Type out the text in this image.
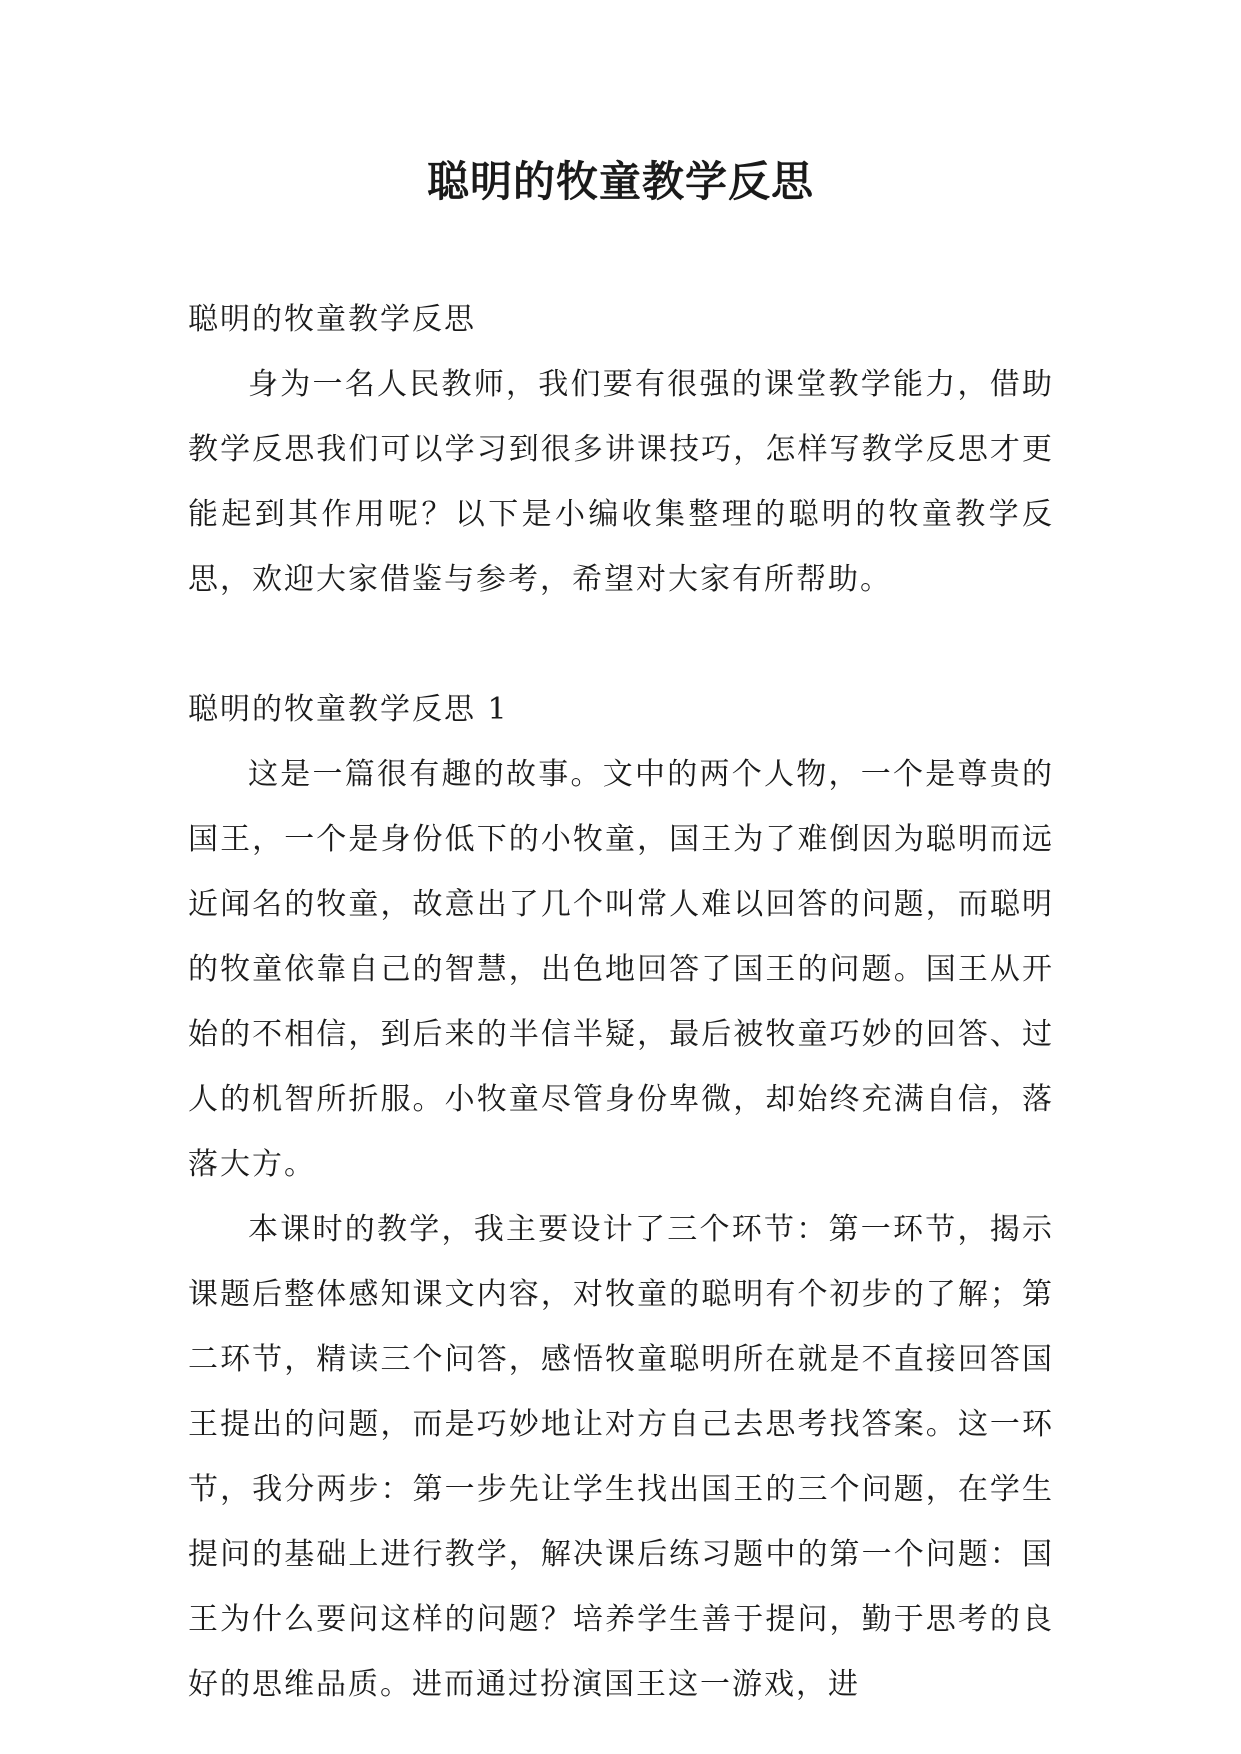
聪明的牧童教学反思

聪明的牧童教学反思

身为一名人民教师，我们要有很强的课堂教学能力，借助教学反思我们可以学习到很多讲课技巧，怎样写教学反思才更能起到其作用呢？以下是小编收集整理的聪明的牧童教学反思，欢迎大家借鉴与参考，希望对大家有所帮助。

聪明的牧童教学反思 1

这是一篇很有趣的故事。文中的两个人物，一个是尊贵的国王，一个是身份低下的小牧童，国王为了难倒因为聪明而远近闻名的牧童，故意出了几个叫常人难以回答的问题，而聪明的牧童依靠自己的智慧，出色地回答了国王的问题。国王从开始的不相信，到后来的半信半疑，最后被牧童巧妙的回答、过人的机智所折服。小牧童尽管身份卑微，却始终充满自信，落落大方。

本课时的教学，我主要设计了三个环节：第一环节，揭示课题后整体感知课文内容，对牧童的聪明有个初步的了解；第二环节，精读三个问答，感悟牧童聪明所在就是不直接回答国王提出的问题，而是巧妙地让对方自己去思考找答案。这一环节，我分两步：第一步先让学生找出国王的三个问题，在学生提问的基础上进行教学，解决课后练习题中的第一个问题：国王为什么要问这样的问题？培养学生善于提问，勤于思考的良好的思维品质。进而通过扮演国王这一游戏，进
